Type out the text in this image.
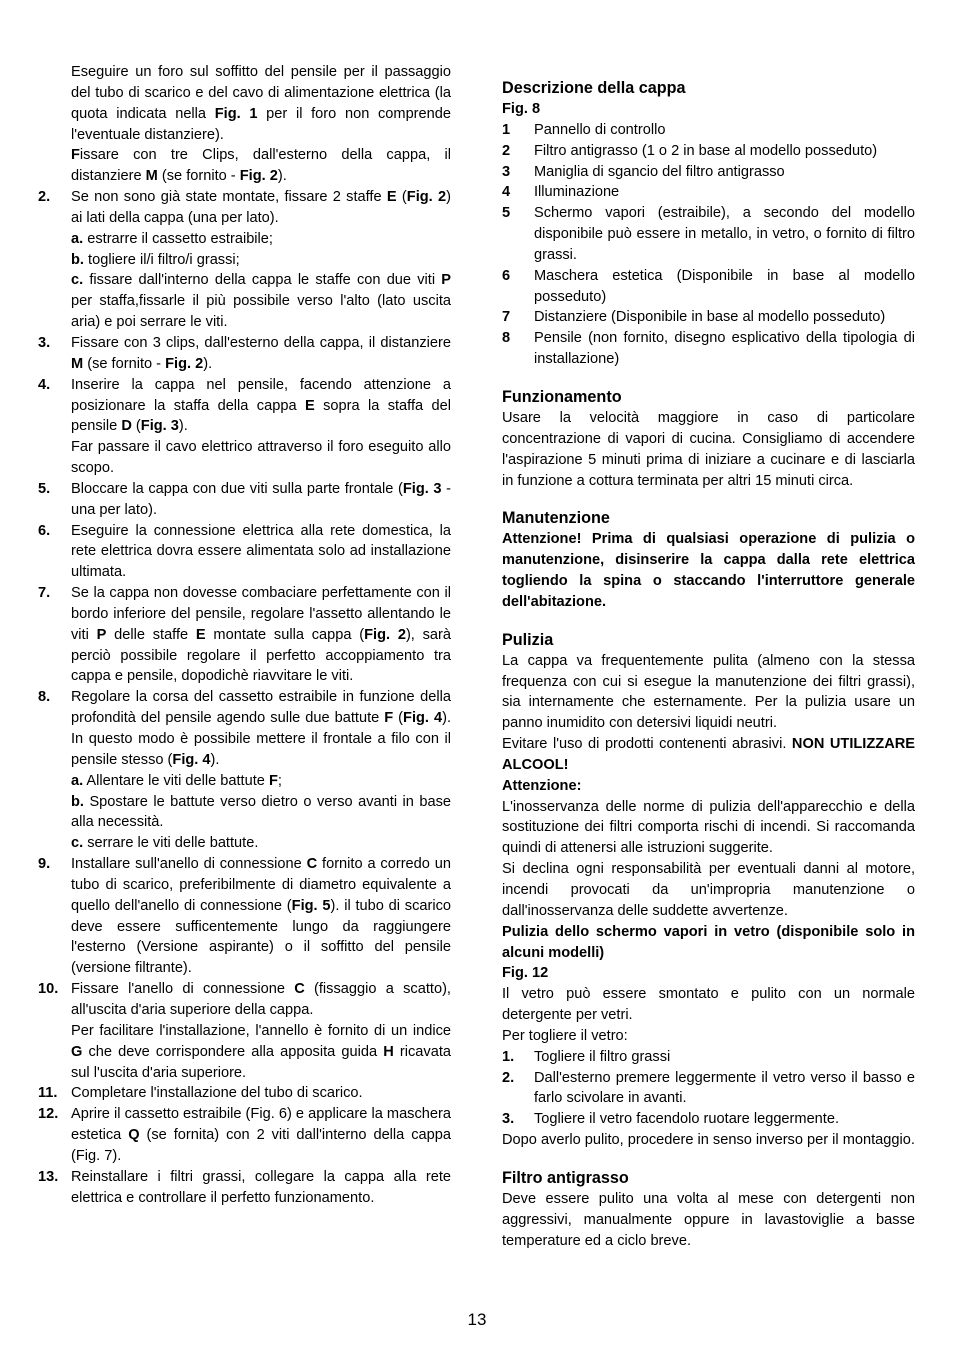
Eseguire un foro sul soffitto del pensile per il passaggio del tubo di scarico e del cavo di alimentazione elettrica (la quota indicata nella Fig. 1 per il foro non comprende l'eventuale distanziere).

Fissare con tre Clips, dall'esterno della cappa, il distanziere M (se fornito - Fig. 2).

2. Se non sono già state montate, fissare 2 staffe E (Fig. 2) ai lati della cappa (una per lato).

a. estrarre il cassetto estraibile;

b. togliere il/i filtro/i grassi;

c. fissare dall'interno della cappa le staffe con due viti P per staffa,fissarle il più possibile verso l'alto (lato uscita aria) e poi serrare le viti.

3. Fissare con 3 clips, dall'esterno della cappa, il distanziere M (se fornito - Fig. 2).

4. Inserire la cappa nel pensile, facendo attenzione a posizionare la staffa della cappa E sopra la staffa del pensile D (Fig. 3).

Far passare il cavo elettrico attraverso il foro eseguito allo scopo.

5. Bloccare la cappa con due viti sulla parte frontale (Fig. 3 - una per lato).

6. Eseguire la connessione elettrica alla rete domestica, la rete elettrica dovra essere alimentata solo ad installazione ultimata.

7. Se la cappa non dovesse combaciare perfettamente con il bordo inferiore del pensile, regolare l'assetto allentando le viti P delle staffe E montate sulla cappa (Fig. 2), sarà perciò possibile regolare il perfetto accoppiamento tra cappa e pensile, dopodichè riavvitare le viti.

8. Regolare la corsa del cassetto estraibile in funzione della profondità del pensile agendo sulle due battute F (Fig. 4). In questo modo è possibile mettere il frontale a filo con il pensile stesso (Fig. 4).

a. Allentare le viti delle battute F;

b. Spostare le battute verso dietro o verso avanti in base alla necessità.

c. serrare le viti delle battute.

9. Installare sull'anello di connessione C fornito a corredo un tubo di scarico, preferibilmente di diametro equivalente a quello dell'anello di connessione (Fig. 5). il tubo di scarico deve essere sufficentemente lungo da raggiungere l'esterno (Versione aspirante) o il soffitto del pensile (versione filtrante).

10. Fissare l'anello di connessione C (fissaggio a scatto), all'uscita d'aria superiore della cappa.

Per facilitare l'installazione, l'annello è fornito di un indice G che deve corrispondere alla apposita guida H ricavata sul l'uscita d'aria superiore.

11. Completare l'installazione del tubo di scarico.

12. Aprire il cassetto estraibile (Fig. 6) e applicare la maschera estetica Q (se fornita) con 2 viti dall'interno della cappa (Fig. 7).

13. Reinstallare i filtri grassi, collegare la cappa alla rete elettrica e controllare il perfetto funzionamento.

Descrizione della cappa

Fig. 8

1 Pannello di controllo

2 Filtro antigrasso (1 o 2 in base al modello posseduto)

3 Maniglia di sgancio del filtro antigrasso

4 Illuminazione

5 Schermo vapori (estraibile), a secondo del modello disponibile può essere in metallo, in vetro, o fornito di filtro grassi.

6 Maschera estetica (Disponibile in base al modello posseduto)

7 Distanziere (Disponibile in base al modello posseduto)

8 Pensile (non fornito, disegno esplicativo della tipologia di installazione)

Funzionamento

Usare la velocità maggiore in caso di particolare concentrazione di vapori di cucina. Consigliamo di accendere l'aspirazione 5 minuti prima di iniziare a cucinare e di lasciarla in funzione a cottura terminata per altri 15 minuti circa.

Manutenzione

Attenzione! Prima di qualsiasi operazione di pulizia o manutenzione, disinserire la cappa dalla rete elettrica togliendo la spina o staccando l'interruttore generale dell'abitazione.

Pulizia

La cappa va frequentemente pulita (almeno con la stessa frequenza con cui si esegue la manutenzione dei filtri grassi), sia internamente che esternamente. Per la pulizia usare un panno inumidito con detersivi liquidi neutri.

Evitare l'uso di prodotti contenenti abrasivi. NON UTILIZZARE ALCOOL!

Attenzione:

L'inosservanza delle norme di pulizia dell'apparecchio e della sostituzione dei filtri comporta rischi di incendi. Si raccomanda quindi di attenersi alle istruzioni suggerite.

Si declina ogni responsabilità per eventuali danni al motore, incendi provocati da un'impropria manutenzione o dall'inosservanza delle suddette avvertenze.

Pulizia dello schermo vapori in vetro (disponibile solo in alcuni modelli)

Fig. 12

Il vetro può essere smontato e pulito con un normale detergente per vetri.

Per togliere il vetro:

1. Togliere il filtro grassi

2. Dall'esterno premere leggermente il vetro verso il basso e farlo scivolare in avanti.

3. Togliere il vetro facendolo ruotare leggermente.

Dopo averlo pulito, procedere in senso inverso per il montaggio.

Filtro antigrasso

Deve essere pulito una volta al mese con detergenti non aggressivi, manualmente oppure in lavastoviglie a basse temperature ed a ciclo breve.

13
